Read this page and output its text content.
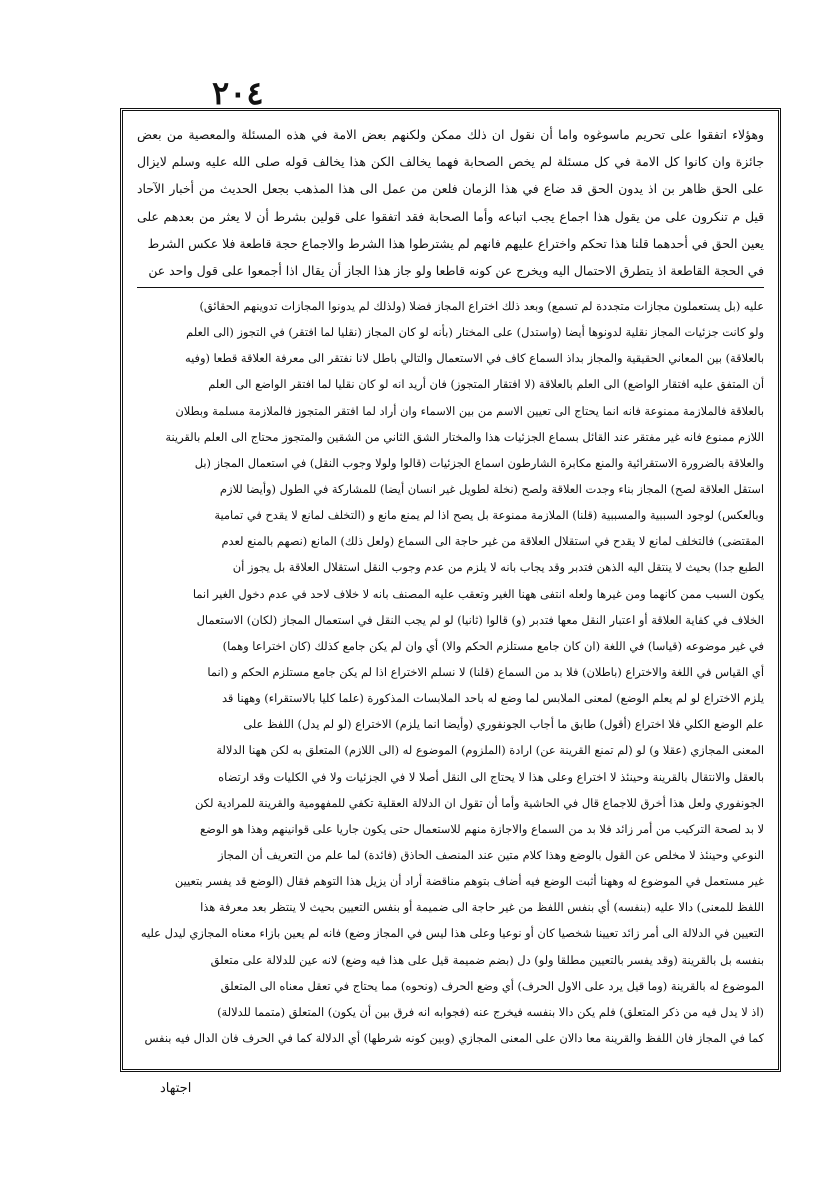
٢٠٤
وهؤلاء اتفقوا على تحريم ماسوغوه واما أن نقول ان ذلك ممكن ولكنهم بعض الامة في هذه المسئلة والمعصية من بعض
جائزة وان كانوا كل الامة في كل مسئلة لم يخص الصحابة فهما يخالف الكن هذا يخالف قوله صلى الله عليه وسلم لايزال
على الحق ظاهر بن اذ يدون الحق قد ضاع في هذا الزمان فلعن من عمل الى هذا المذهب بجعل الحديث من أخبار الآحاد
قيل م تنكرون على من يقول هذا اجماع يجب اتباعه وأما الصحابة فقد اتفقوا على قولين بشرط أن لا يعثر من بعدهم على
يعين الحق في أحدهما قلنا هذا تحكم واختراع عليهم فانهم لم يشترطوا هذا الشرط والاجماع حجة قاطعة فلا عكس الشرط
في الحجة القاطعة اذ يتطرق الاحتمال اليه ويخرج عن كونه قاطعا ولو جاز هذا الجاز أن يقال اذا أجمعوا على قول واحد عن
عليه (بل يستعملون مجازات متجددة لم تسمع) وبعد ذلك اختراع المجاز فضلا (ولذلك لم يدونوا المجازات تدوينهم الحقائق)
ولو كانت جزئيات المجاز نقلية لدونوها أيضا (واستدل) على المختار (بأنه لو كان المجاز (نقليا لما افتقر) في التجوز (الى العلم
بالعلاقة) بين المعاني الحقيقية والمجاز بداذ السماع كاف في الاستعمال والتالي باطل لانا نفتقر الى معرفة العلاقة قطعا (وفيه
أن المتفق عليه افتقار الواضع) الى العلم بالعلاقة (لا افتقار المتجوز) فان أريد انه لو كان نقليا لما افتقر الواضع الى العلم
بالعلاقة فالملازمة ممنوعة فانه انما يحتاج الى تعيين الاسم من بين الاسماء وان أراد لما افتقر المتجوز فالملازمة مسلمة وبطلان
اللازم ممنوع فانه غير مفتقر عند القائل بسماع الجزئيات هذا والمختار الشق الثاني من الشقين والمتجوز محتاج الى العلم بالقرينة
والعلاقة بالضرورة الاستقرائية والمنع مكابرة الشارطون اسماع الجزئيات (قالوا ولولا وجوب النقل) في استعمال المجاز (بل
استقل العلاقة لصح) المجاز بناء وجدت العلاقة ولصح (نخلة لطويل غير انسان أيضا) للمشاركة في الطول (وأيضا للازم
وبالعكس) لوجود السببية والمسببية (قلنا) الملازمة ممنوعة بل يصح اذا لم يمنع مانع و (التخلف لمانع لا يقدح في تمامية
المقتضى) فالتخلف لمانع لا يقدح في استقلال العلاقة من غير حاجة الى السماع (ولعل ذلك) المانع (نصهم بالمنع لعدم
الطبع جدا) بحيث لا ينتقل اليه الذهن فتدبر وقد يجاب بانه لا يلزم من عدم وجوب النقل استقلال العلاقة بل يجوز أن
يكون السبب ممن كانهما ومن غيرها ولعله انتفى ههنا الغير وتعقب عليه المصنف بانه لا خلاف لاحد في عدم دخول الغير انما
الخلاف في كفاية العلاقة أو اعتبار النقل معها فتدبر (و) قالوا (ثانيا) لو لم يجب النقل في استعمال المجاز (لكان) الاستعمال
في غير موضوعه (قياسا) في اللغة (ان كان جامع مستلزم الحكم والا) أي وان لم يكن جامع كذلك (كان اختراعا وهما)
أي القياس في اللغة والاختراع (باطلان) فلا بد من السماع (قلنا) لا نسلم الاختراع اذا لم يكن جامع مستلزم الحكم و (انما
يلزم الاختراع لو لم يعلم الوضع) لمعنى الملابس لما وضع له باحد الملابسات المذكورة (علما كليا بالاستقراء) وههنا قد
علم الوضع الكلي فلا اختراع (أقول) طابق ما أجاب الجونفوري (وأيضا انما يلزم) الاختراع (لو لم يدل) اللفظ على
المعنى المجازي (عقلا و) لو (لم تمنع القرينة عن) ارادة (الملزوم) الموضوع له (الى اللازم) المتعلق به لكن ههنا الدلالة
بالعقل والانتقال بالقرينة وحينئذ لا اختراع وعلى هذا لا يحتاج الى النقل أصلا لا في الجزئيات ولا في الكليات وقد ارتضاه
الجونفوري ولعل هذا أخرق للاجماع قال في الحاشية وأما أن تقول ان الدلالة العقلية تكفي للمفهومية والقرينة للمرادية لكن
لا بد لصحة التركيب من أمر زائد فلا بد من السماع والاجازة منهم للاستعمال حتى يكون جاريا على قوانينهم وهذا هو الوضع
النوعي وحينئذ لا مخلص عن القول بالوضع وهذا كلام متين عند المنصف الحاذق (فائدة) لما علم من التعريف أن المجاز
غير مستعمل في الموضوع له وههنا أثبت الوضع فيه أضاف بتوهم مناقضة أراد أن يزيل هذا التوهم فقال (الوضع قد يفسر بتعيين
اللفظ للمعنى) دالا عليه (بنفسه) أي بنفس اللفظ من غير حاجة الى ضميمة أو بنفس التعيين بحيث لا ينتظر بعد معرفة هذا
التعيين في الدلالة الى أمر زائد تعيينا شخصيا كان أو نوعيا وعلى هذا ليس في المجاز وضع) فانه لم يعين بازاء معناه المجازي ليدل عليه
بنفسه بل بالقرينة (وقد يفسر بالتعيين مطلقا ولو) دل (بضم ضميمة قيل على هذا فيه وضع) لانه عين للدلالة على متعلق
الموضوع له بالقرينة (وما قيل يرد على الاول الحرف) أي وضع الحرف (ونحوه) مما يحتاج في تعقل معناه الى المتعلق
(اذ لا يدل فيه من ذكر المتعلق) فلم يكن دالا بنفسه فيخرج عنه (فجوابه انه فرق بين أن يكون) المتعلق (متمما للدلالة)
كما في المجاز فان اللفظ والقرينة معا دالان على المعنى المجازي (وبين كونه شرطها) أي الدلالة كما في الحرف فان الدال فيه بنفس
اجتهاد
